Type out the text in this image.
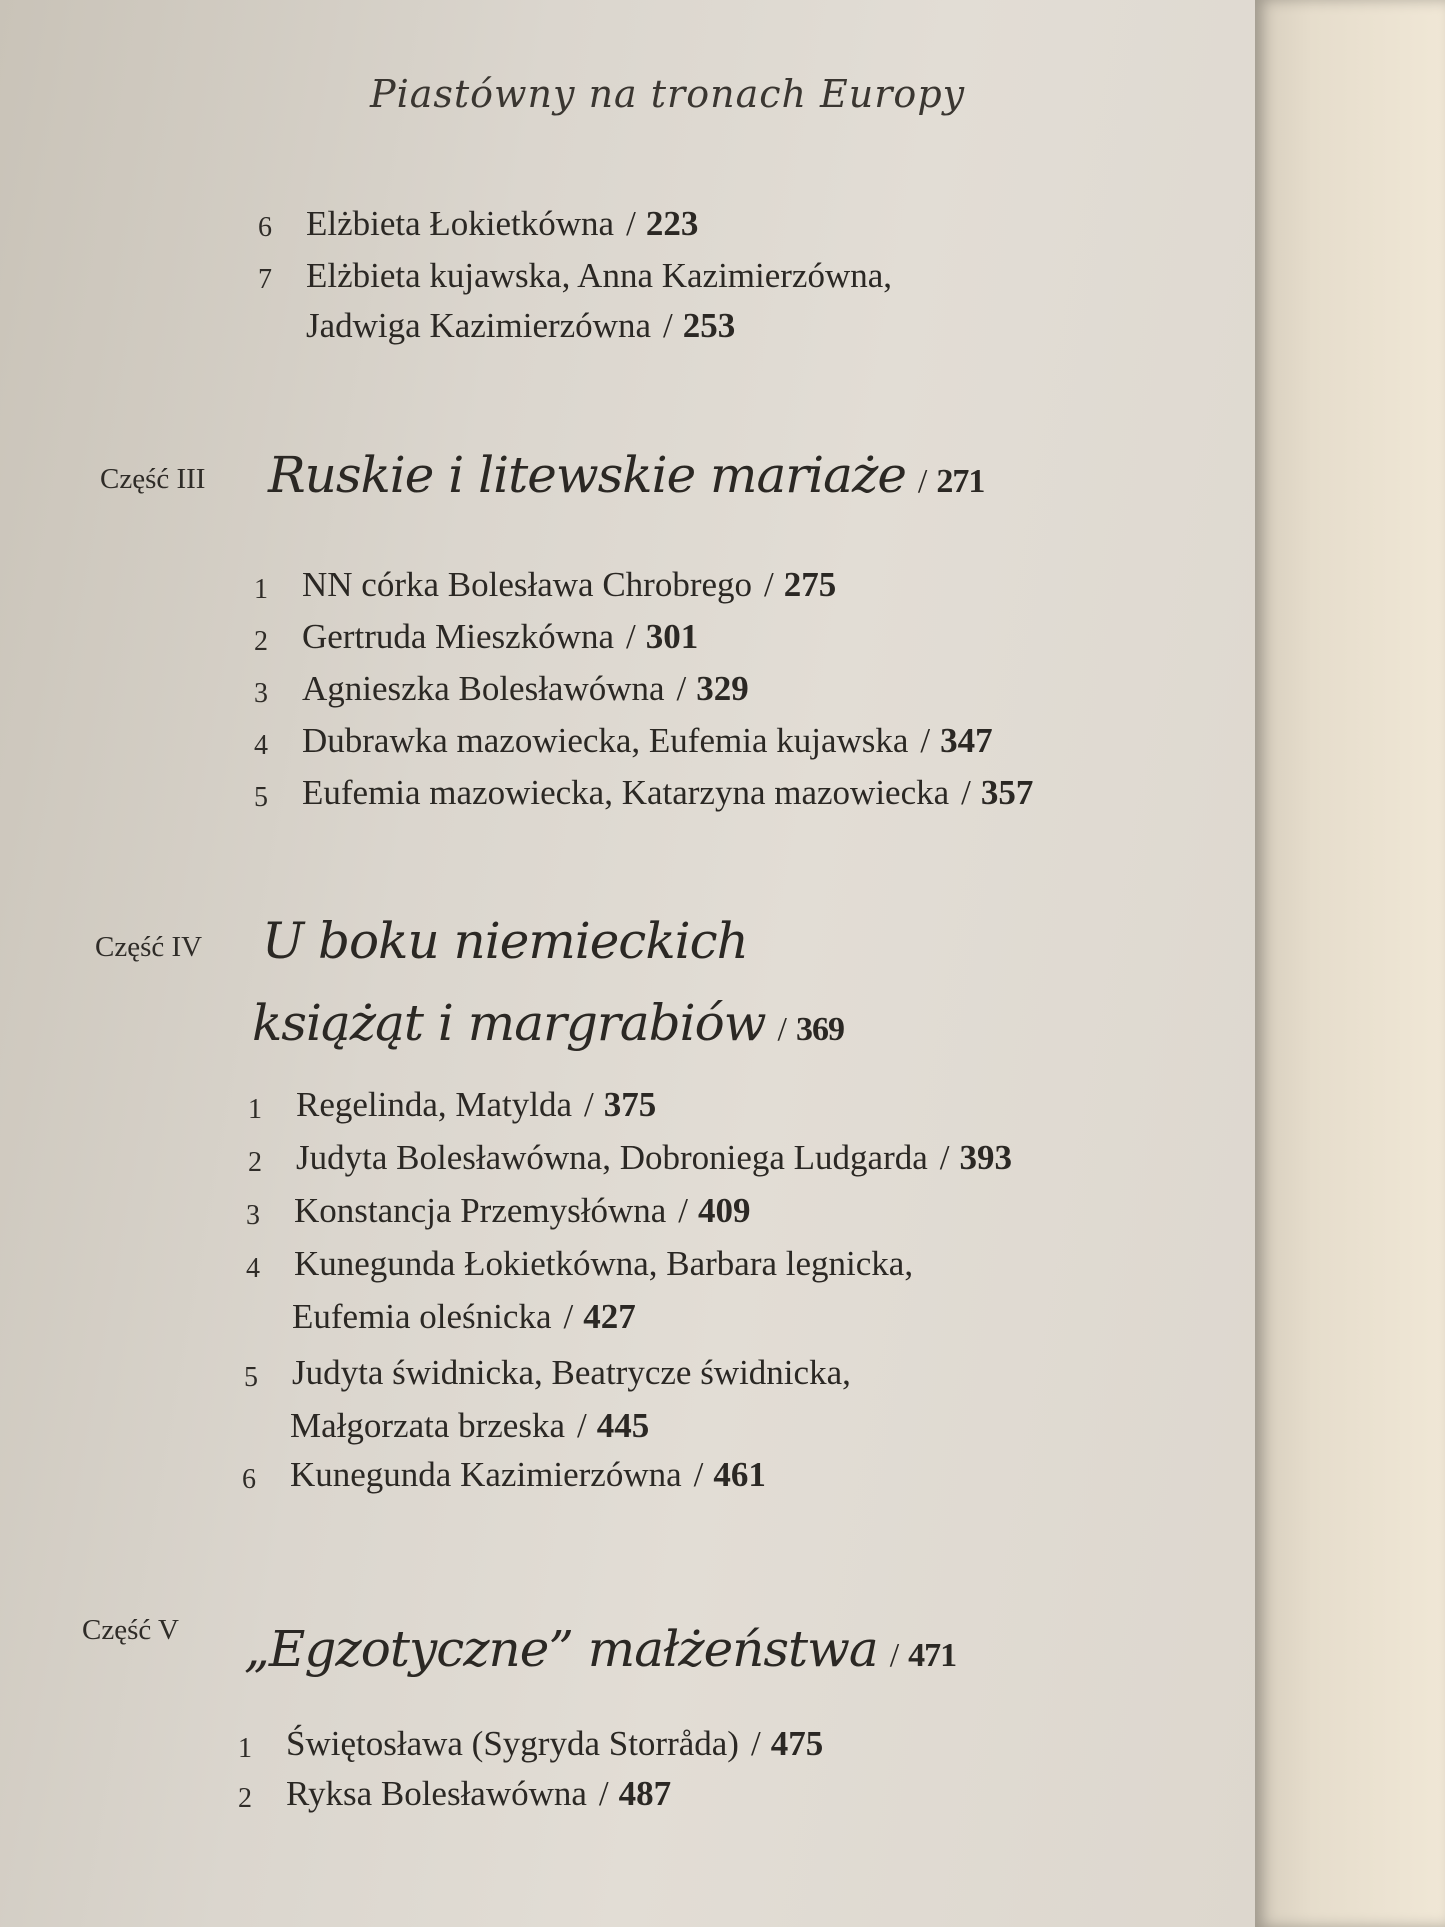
Piastówny na tronach Europy
6 Elżbieta Łokietkówna / 223
7 Elżbieta kujawska, Anna Kazimierzówna,
Jadwiga Kazimierzówna / 253
Część III Ruskie i litewskie mariaże / 271
1 NN córka Bolesława Chrobrego / 275
2 Gertruda Mieszkówna / 301
3 Agnieszka Bolesławówna / 329
4 Dubrawka mazowiecka, Eufemia kujawska / 347
5 Eufemia mazowiecka, Katarzyna mazowiecka / 357
Część IV U boku niemieckich
książąt i margrabiów / 369
1 Regelinda, Matylda / 375
2 Judyta Bolesławówna, Dobroniega Ludgarda / 393
3 Konstancja Przemysłówna / 409
4 Kunegunda Łokietkówna, Barbara legnicka,
Eufemia oleśnicka / 427
5 Judyta świdnicka, Beatrycze świdnicka,
Małgorzata brzeska / 445
6 Kunegunda Kazimierzówna / 461
Część V „Egzotyczne” małżeństwa / 471
1 Świętosława (Sygryda Storråda) / 475
2 Ryksa Bolesławówna / 487
